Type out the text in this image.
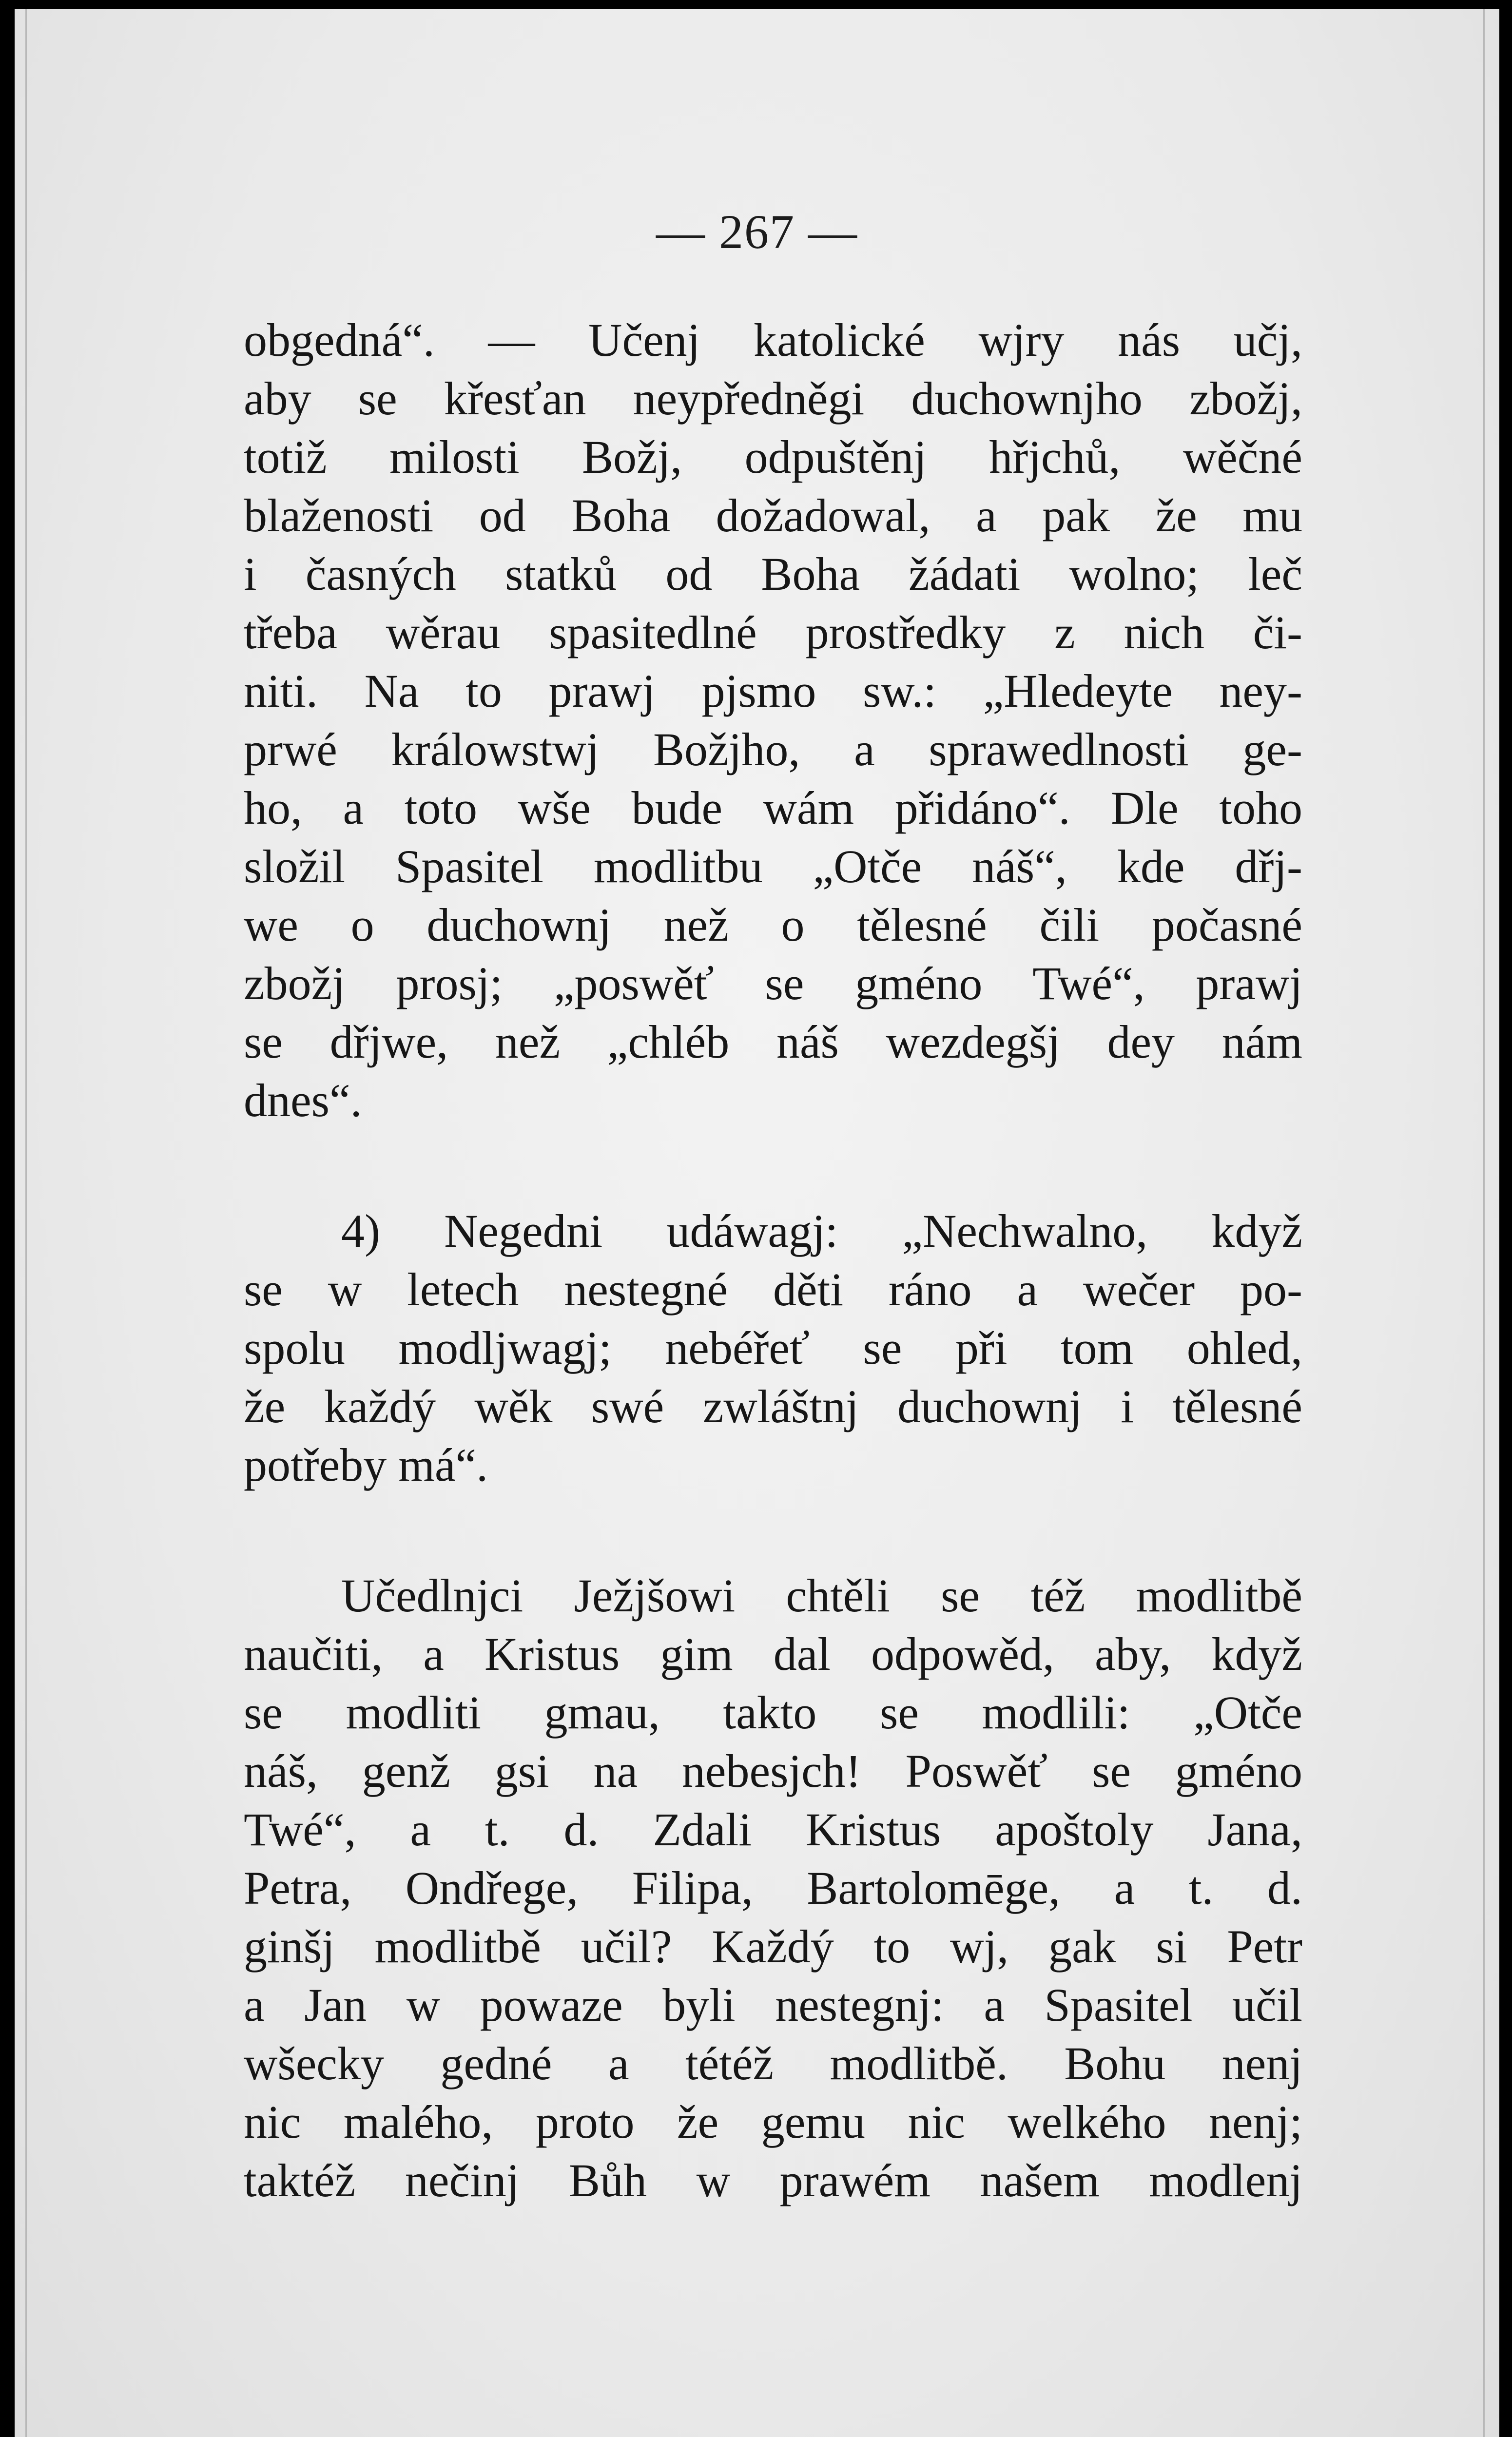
— 267 —
obgedná“. — Učenj katolické wjry nás učj,
aby se křesťan neypředněgi duchownjho zbožj,
totiž milosti Božj, odpuštěnj hřjchů, wěčné
blaženosti od Boha dožadowal, a pak že mu
i časných statků od Boha žádati wolno; leč
třeba wěrau spasitedlné prostředky z nich či-
niti. Na to prawj pjsmo sw.: „Hledeyte ney-
prwé králowstwj Božjho, a sprawedlnosti ge-
ho, a toto wše bude wám přidáno“. Dle toho
složil Spasitel modlitbu „Otče náš“, kde dřj-
we o duchownj než o tělesné čili počasné
zbožj prosj; „poswěť se gméno Twé“, prawj
se dřjwe, než „chléb náš wezdegšj dey nám
dnes“.
4) Negedni udáwagj: „Nechwalno, když
se w letech nestegné děti ráno a wečer po-
spolu modljwagj; nebéřeť se při tom ohled,
že každý wěk swé zwláštnj duchownj i tělesné
potřeby má“.
Učedlnjci Ježjšowi chtěli se též modlitbě
naučiti, a Kristus gim dal odpowěd, aby, když
se modliti gmau, takto se modlili: „Otče
náš, genž gsi na nebesjch! Poswěť se gméno
Twé“, a t. d. Zdali Kristus apoštoly Jana,
Petra, Ondřege, Filipa, Bartolomēge, a t. d.
ginšj modlitbě učil? Každý to wj, gak si Petr
a Jan w powaze byli nestegnj: a Spasitel učil
wšecky gedné a tétéž modlitbě. Bohu nenj
nic malého, proto že gemu nic welkého nenj;
taktéž nečinj Bůh w prawém našem modlenj
